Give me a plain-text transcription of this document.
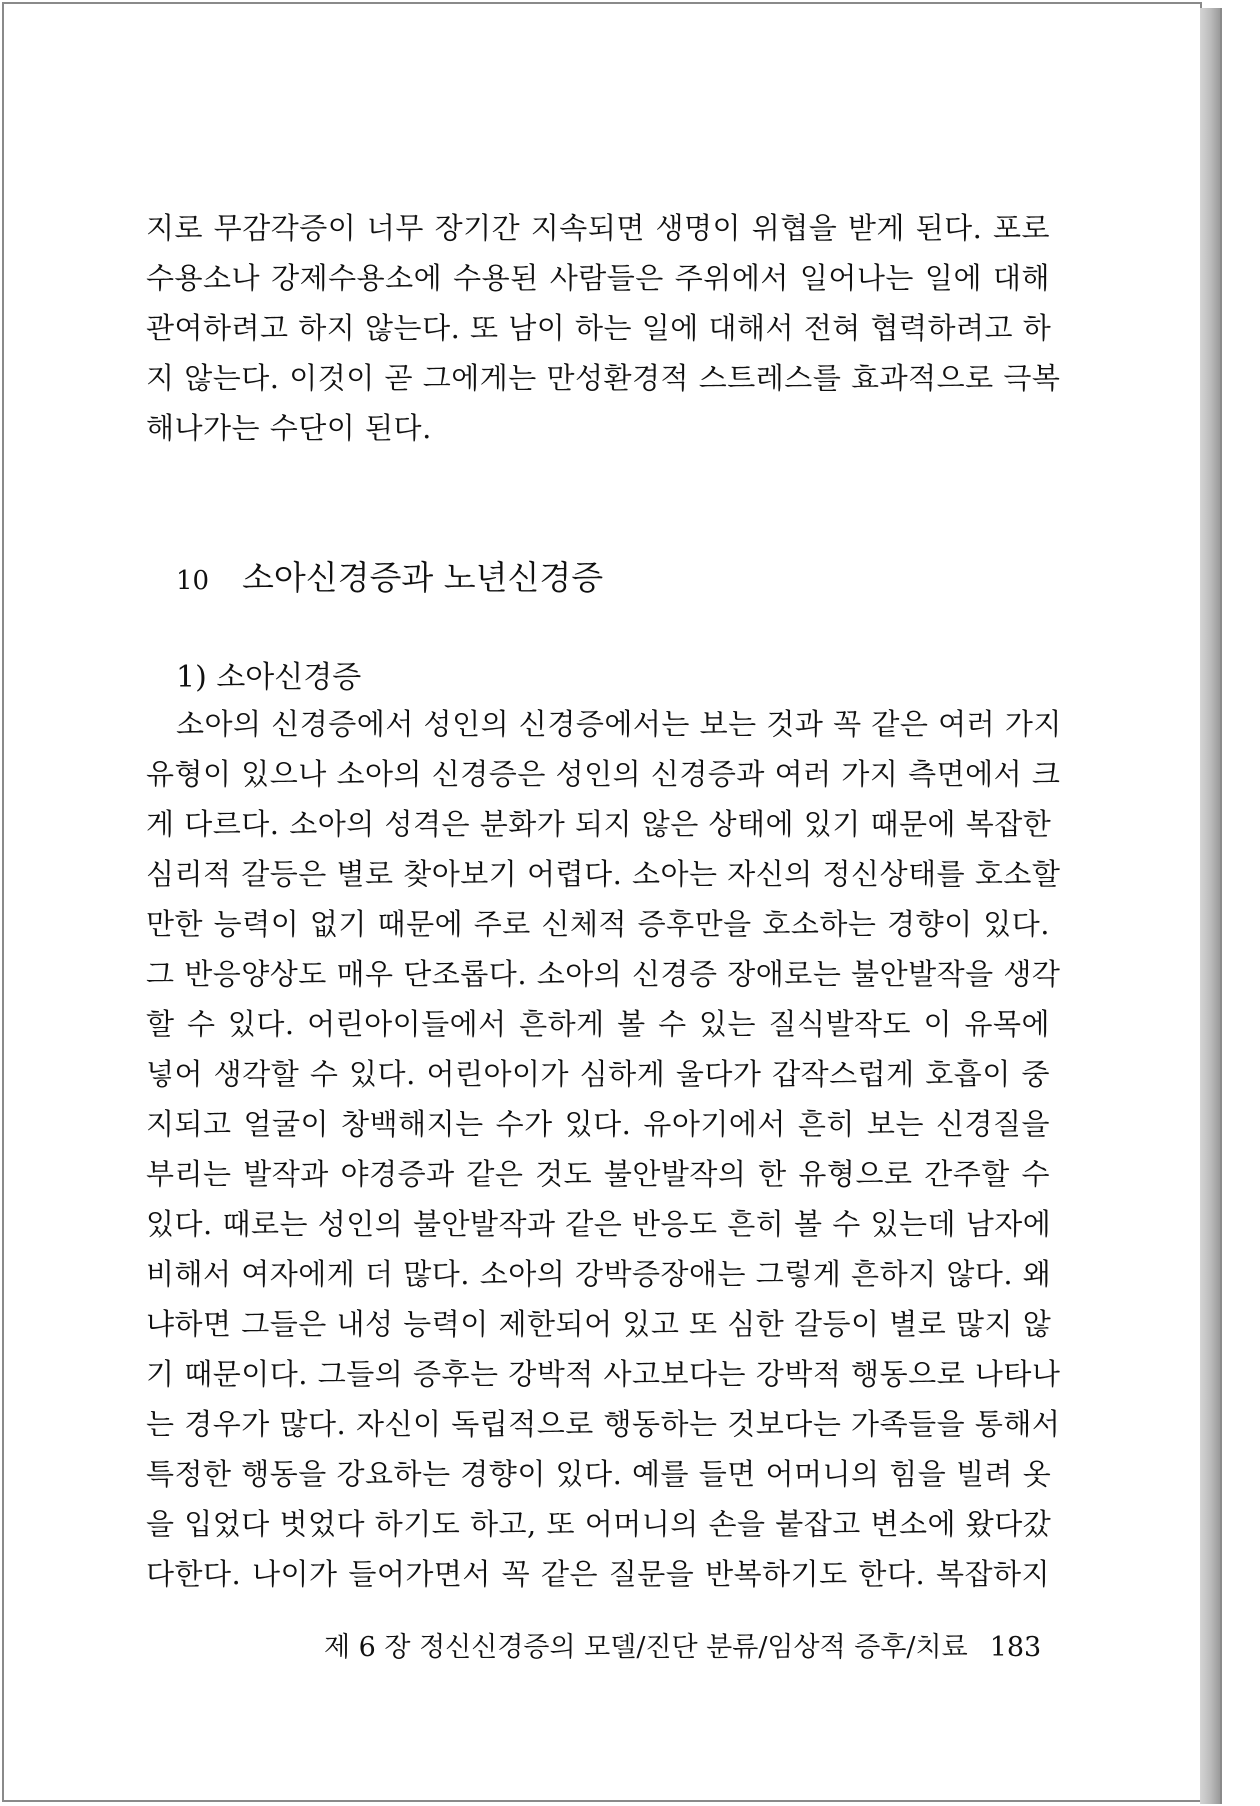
지로 무감각증이 너무 장기간 지속되면 생명이 위협을 받게 된다. 포로
수용소나 강제수용소에 수용된 사람들은 주위에서 일어나는 일에 대해
관여하려고 하지 않는다. 또 남이 하는 일에 대해서 전혀 협력하려고 하
지 않는다. 이것이 곧 그에게는 만성환경적 스트레스를 효과적으로 극복
해나가는 수단이 된다.
10 소아신경증과 노년신경증
1) 소아신경증
소아의 신경증에서 성인의 신경증에서는 보는 것과 꼭 같은 여러 가지
유형이 있으나 소아의 신경증은 성인의 신경증과 여러 가지 측면에서 크
게 다르다. 소아의 성격은 분화가 되지 않은 상태에 있기 때문에 복잡한
심리적 갈등은 별로 찾아보기 어렵다. 소아는 자신의 정신상태를 호소할
만한 능력이 없기 때문에 주로 신체적 증후만을 호소하는 경향이 있다.
그 반응양상도 매우 단조롭다. 소아의 신경증 장애로는 불안발작을 생각
할 수 있다. 어린아이들에서 흔하게 볼 수 있는 질식발작도 이 유목에
넣어 생각할 수 있다. 어린아이가 심하게 울다가 갑작스럽게 호흡이 중
지되고 얼굴이 창백해지는 수가 있다. 유아기에서 흔히 보는 신경질을
부리는 발작과 야경증과 같은 것도 불안발작의 한 유형으로 간주할 수
있다. 때로는 성인의 불안발작과 같은 반응도 흔히 볼 수 있는데 남자에
비해서 여자에게 더 많다. 소아의 강박증장애는 그렇게 흔하지 않다. 왜
냐하면 그들은 내성 능력이 제한되어 있고 또 심한 갈등이 별로 많지 않
기 때문이다. 그들의 증후는 강박적 사고보다는 강박적 행동으로 나타나
는 경우가 많다. 자신이 독립적으로 행동하는 것보다는 가족들을 통해서
특정한 행동을 강요하는 경향이 있다. 예를 들면 어머니의 힘을 빌려 옷
을 입었다 벗었다 하기도 하고, 또 어머니의 손을 붙잡고 변소에 왔다갔
다한다. 나이가 들어가면서 꼭 같은 질문을 반복하기도 한다. 복잡하지
제 6 장 정신신경증의 모델/진단 분류/임상적 증후/치료 183
